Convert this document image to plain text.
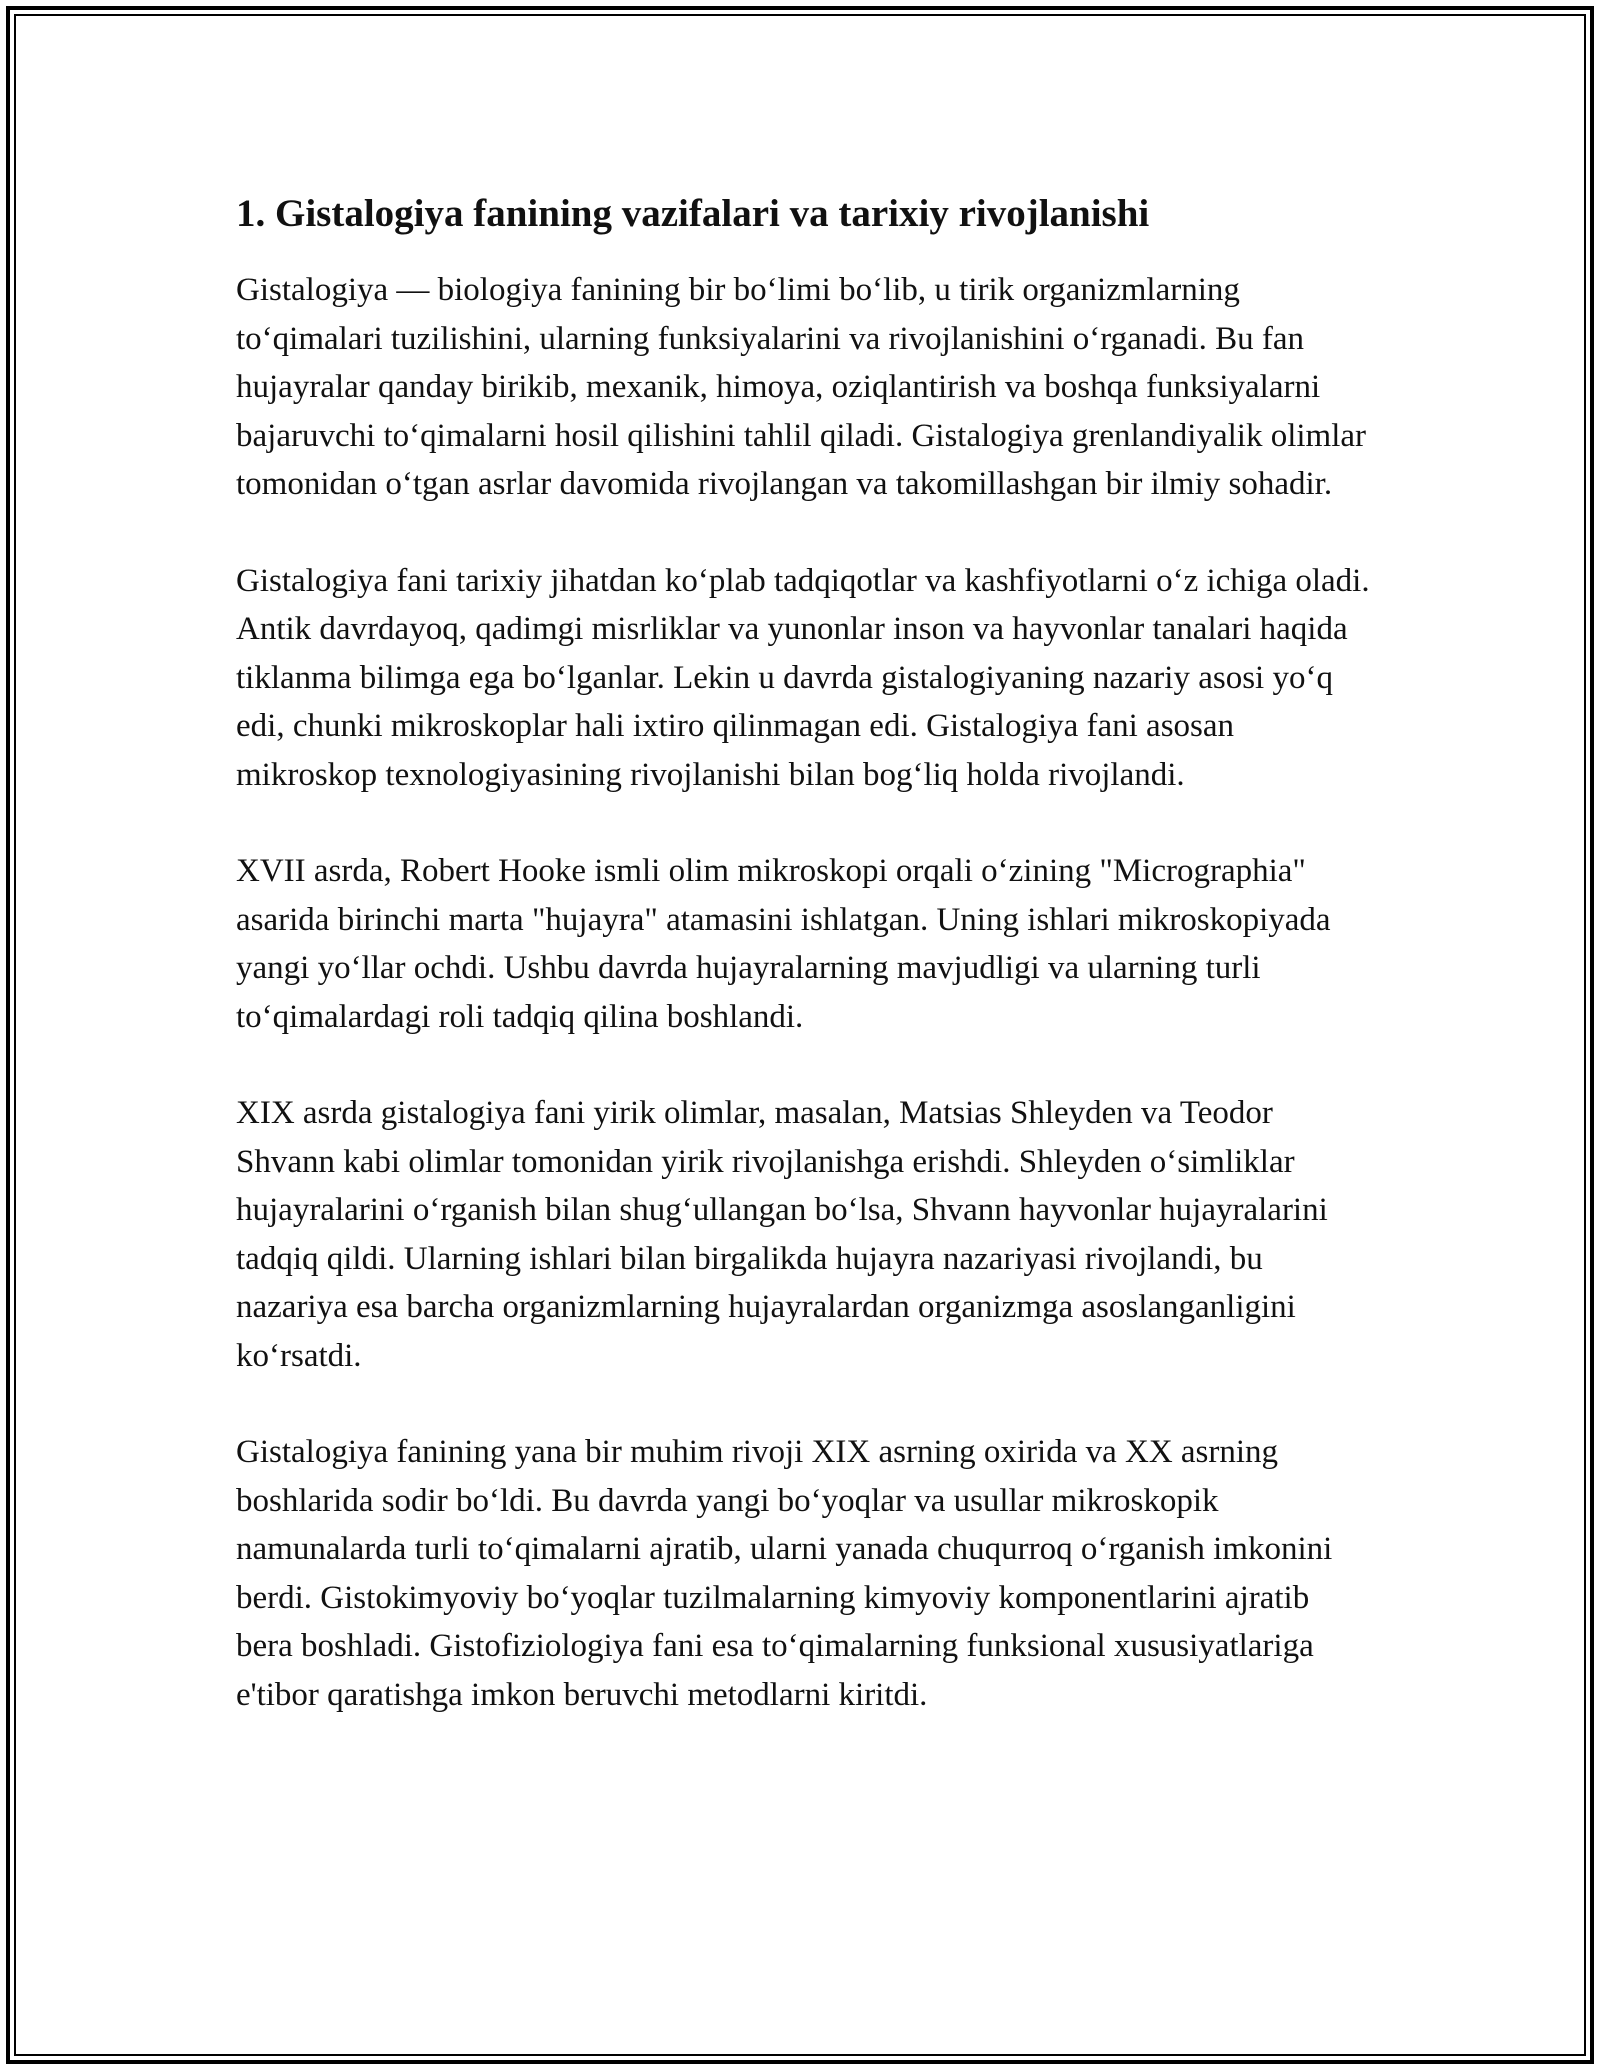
1. Gistalogiya fanining vazifalari va tarixiy rivojlanishi

Gistalogiya — biologiya fanining bir bo‘limi bo‘lib, u tirik organizmlarning to‘qimalari tuzilishini, ularning funksiyalarini va rivojlanishini o‘rganadi. Bu fan hujayralar qanday birikib, mexanik, himoya, oziqlantirish va boshqa funksiyalarni bajaruvchi to‘qimalarni hosil qilishini tahlil qiladi. Gistalogiya grenlandiyalik olimlar tomonidan o‘tgan asrlar davomida rivojlangan va takomillashgan bir ilmiy sohadir.

Gistalogiya fani tarixiy jihatdan ko‘plab tadqiqotlar va kashfiyotlarni o‘z ichiga oladi. Antik davrdayoq, qadimgi misrliklar va yunonlar inson va hayvonlar tanalari haqida tiklanma bilimga ega bo‘lganlar. Lekin u davrda gistalogiyaning nazariy asosi yo‘q edi, chunki mikroskoplar hali ixtiro qilinmagan edi. Gistalogiya fani asosan mikroskop texnologiyasining rivojlanishi bilan bog‘liq holda rivojlandi.

XVII asrda, Robert Hooke ismli olim mikroskopi orqali o‘zining "Micrographia" asarida birinchi marta "hujayra" atamasini ishlatgan. Uning ishlari mikroskopiyada yangi yo‘llar ochdi. Ushbu davrda hujayralarning mavjudligi va ularning turli to‘qimalardagi roli tadqiq qilina boshlandi.

XIX asrda gistalogiya fani yirik olimlar, masalan, Matsias Shleyden va Teodor Shvann kabi olimlar tomonidan yirik rivojlanishga erishdi. Shleyden o‘simliklar hujayralarini o‘rganish bilan shug‘ullangan bo‘lsa, Shvann hayvonlar hujayralarini tadqiq qildi. Ularning ishlari bilan birgalikda hujayra nazariyasi rivojlandi, bu nazariya esa barcha organizmlarning hujayralardan organizmga asoslanganligini ko‘rsatdi.

Gistalogiya fanining yana bir muhim rivoji XIX asrning oxirida va XX asrning boshlarida sodir bo‘ldi. Bu davrda yangi bo‘yoqlar va usullar mikroskopik namunalarda turli to‘qimalarni ajratib, ularni yanada chuqurroq o‘rganish imkonini berdi. Gistokimyoviy bo‘yoqlar tuzilmalarning kimyoviy komponentlarini ajratib bera boshladi. Gistofiziologiya fani esa to‘qimalarning funksional xususiyatlariga e'tibor qaratishga imkon beruvchi metodlarni kiritdi.
